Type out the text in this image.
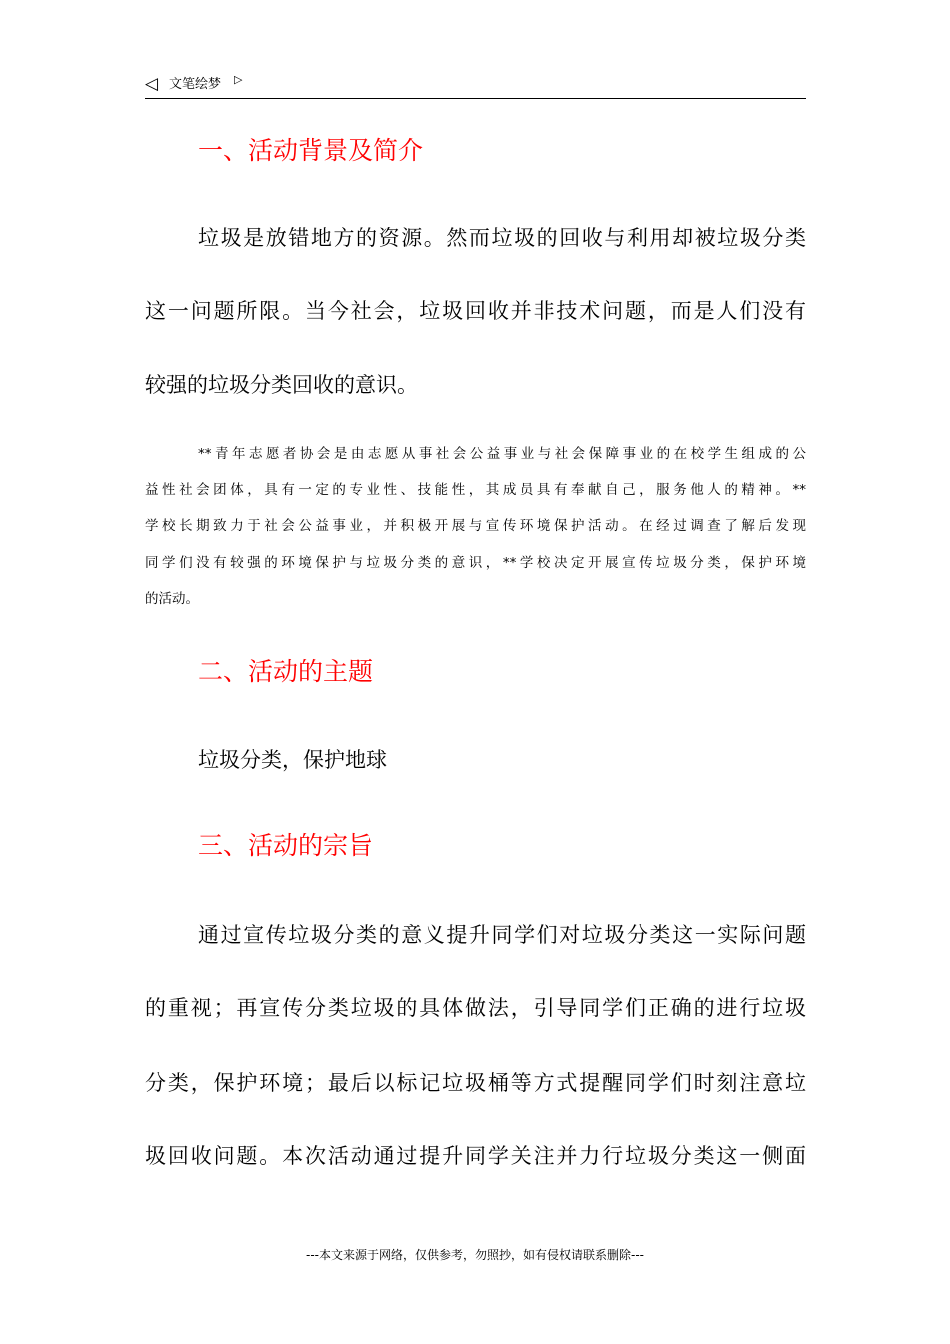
◁ 文笔绘梦 ▷
一、活动背景及简介
垃圾是放错地方的资源。然而垃圾的回收与利用却被垃圾分类
这一问题所限。当今社会，垃圾回收并非技术问题，而是人们没有
较强的垃圾分类回收的意识。
**青年志愿者协会是由志愿从事社会公益事业与社会保障事业的在校学生组成的公
益性社会团体，具有一定的专业性、技能性，其成员具有奉献自己，服务他人的精神。**
学校长期致力于社会公益事业，并积极开展与宣传环境保护活动。在经过调查了解后发现
同学们没有较强的环境保护与垃圾分类的意识，**学校决定开展宣传垃圾分类，保护环境
的活动。
二、活动的主题
垃圾分类，保护地球
三、活动的宗旨
通过宣传垃圾分类的意义提升同学们对垃圾分类这一实际问题
的重视；再宣传分类垃圾的具体做法，引导同学们正确的进行垃圾
分类，保护环境；最后以标记垃圾桶等方式提醒同学们时刻注意垃
圾回收问题。本次活动通过提升同学关注并力行垃圾分类这一侧面
---本文来源于网络，仅供参考，勿照抄，如有侵权请联系删除---
